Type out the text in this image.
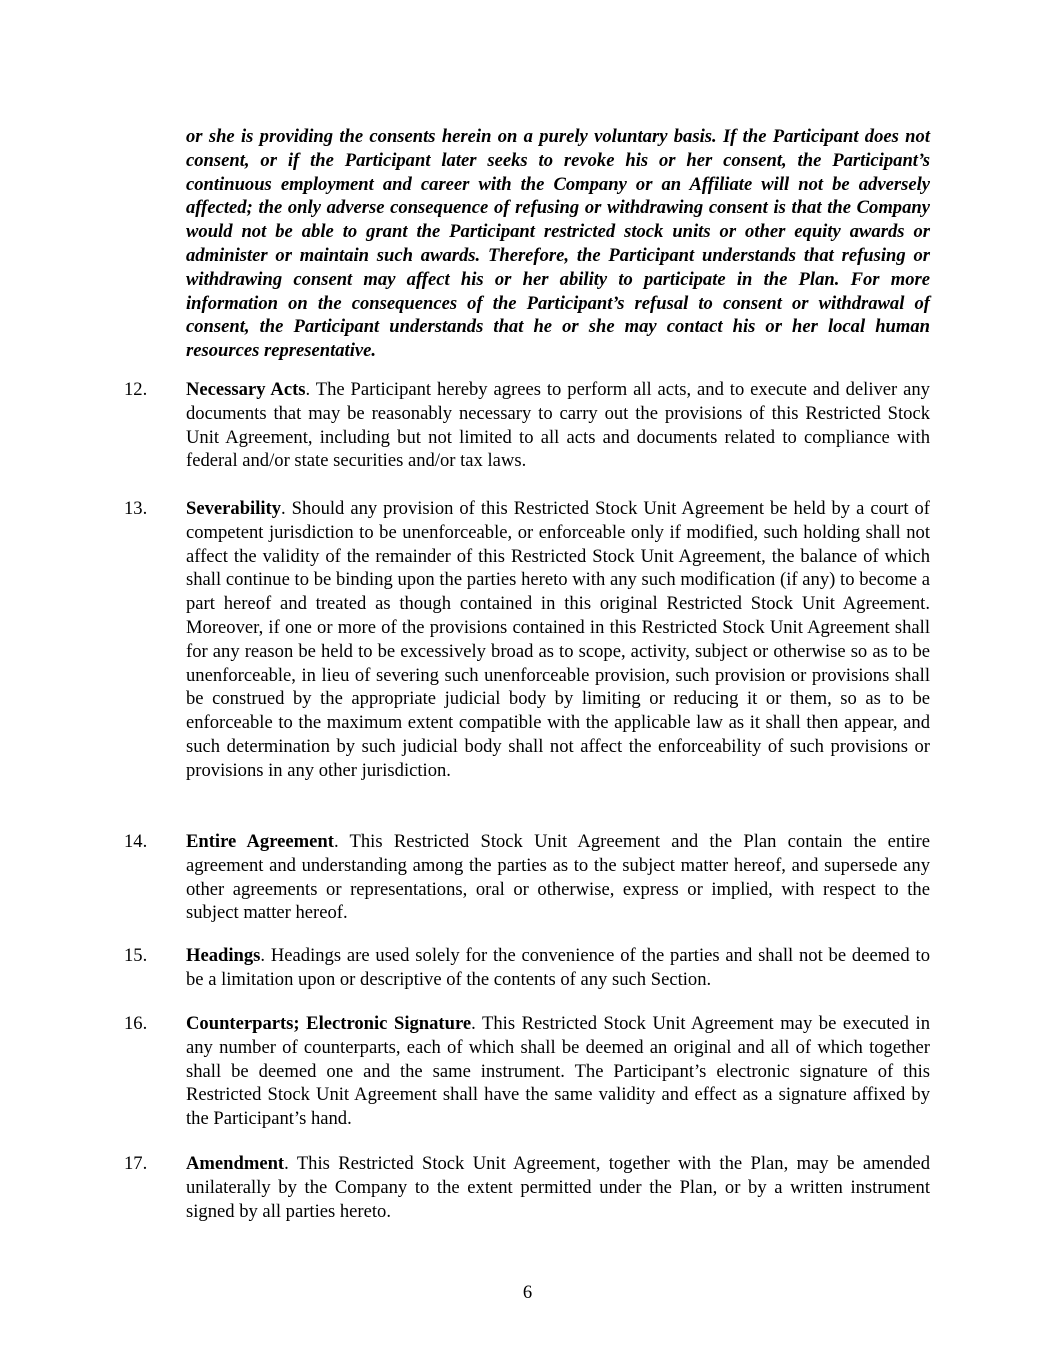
or she is providing the consents herein on a purely voluntary basis. If the Participant does not consent, or if the Participant later seeks to revoke his or her consent, the Participant’s continuous employment and career with the Company or an Affiliate will not be adversely affected; the only adverse consequence of refusing or withdrawing consent is that the Company would not be able to grant the Participant restricted stock units or other equity awards or administer or maintain such awards. Therefore, the Participant understands that refusing or withdrawing consent may affect his or her ability to participate in the Plan. For more information on the consequences of the Participant’s refusal to consent or withdrawal of consent, the Participant understands that he or she may contact his or her local human resources representative.

12. Necessary Acts. The Participant hereby agrees to perform all acts, and to execute and deliver any documents that may be reasonably necessary to carry out the provisions of this Restricted Stock Unit Agreement, including but not limited to all acts and documents related to compliance with federal and/or state securities and/or tax laws.

13. Severability. Should any provision of this Restricted Stock Unit Agreement be held by a court of competent jurisdiction to be unenforceable, or enforceable only if modified, such holding shall not affect the validity of the remainder of this Restricted Stock Unit Agreement, the balance of which shall continue to be binding upon the parties hereto with any such modification (if any) to become a part hereof and treated as though contained in this original Restricted Stock Unit Agreement. Moreover, if one or more of the provisions contained in this Restricted Stock Unit Agreement shall for any reason be held to be excessively broad as to scope, activity, subject or otherwise so as to be unenforceable, in lieu of severing such unenforceable provision, such provision or provisions shall be construed by the appropriate judicial body by limiting or reducing it or them, so as to be enforceable to the maximum extent compatible with the applicable law as it shall then appear, and such determination by such judicial body shall not affect the enforceability of such provisions or provisions in any other jurisdiction.

14. Entire Agreement. This Restricted Stock Unit Agreement and the Plan contain the entire agreement and understanding among the parties as to the subject matter hereof, and supersede any other agreements or representations, oral or otherwise, express or implied, with respect to the subject matter hereof.

15. Headings. Headings are used solely for the convenience of the parties and shall not be deemed to be a limitation upon or descriptive of the contents of any such Section.

16. Counterparts; Electronic Signature. This Restricted Stock Unit Agreement may be executed in any number of counterparts, each of which shall be deemed an original and all of which together shall be deemed one and the same instrument. The Participant’s electronic signature of this Restricted Stock Unit Agreement shall have the same validity and effect as a signature affixed by the Participant’s hand.

17. Amendment. This Restricted Stock Unit Agreement, together with the Plan, may be amended unilaterally by the Company to the extent permitted under the Plan, or by a written instrument signed by all parties hereto.

6
